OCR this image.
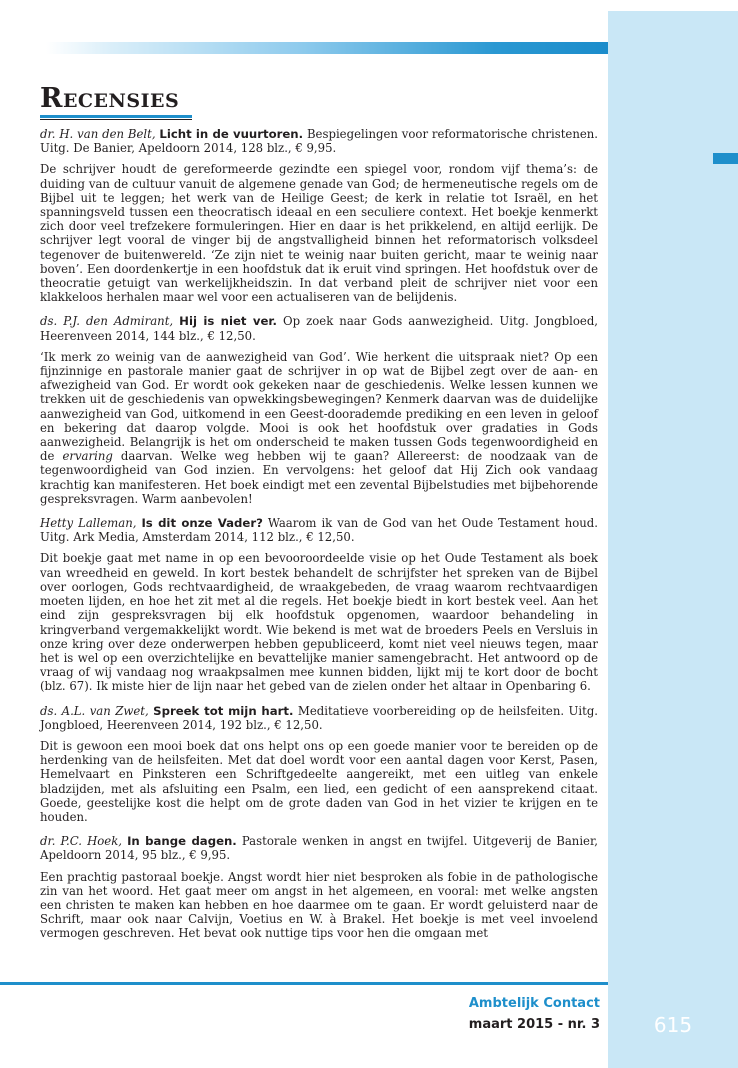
Recensies

dr. H. van den Belt, Licht in de vuurtoren. Bespiegelingen voor reformatorische christenen. Uitg. De Banier, Apeldoorn 2014, 128 blz., € 9,95.

De schrijver houdt de gereformeerde gezindte een spiegel voor, rondom vijf thema’s: de duiding van de cultuur vanuit de algemene genade van God; de hermeneutische regels om de Bijbel uit te leggen; het werk van de Heilige Geest; de kerk in relatie tot Israël, en het spanningsveld tussen een theocratisch ideaal en een seculiere context. Het boekje kenmerkt zich door veel trefzekere formuleringen. Hier en daar is het prikkelend, en altijd eerlijk. De schrijver legt vooral de vinger bij de angstvalligheid binnen het reformatorisch volksdeel tegenover de buitenwereld. ‘Ze zijn niet te weinig naar buiten gericht, maar te weinig naar boven’. Een doordenkertje in een hoofdstuk dat ik eruit vind springen. Het hoofdstuk over de theocratie getuigt van werkelijkheidszin. In dat verband pleit de schrijver niet voor een klakkeloos herhalen maar wel voor een actualiseren van de belijdenis.

ds. P.J. den Admirant, Hij is niet ver. Op zoek naar Gods aanwezigheid. Uitg. Jongbloed, Heerenveen 2014, 144 blz., € 12,50.

‘Ik merk zo weinig van de aanwezigheid van God’. Wie herkent die uitspraak niet? Op een fijnzinnige en pastorale manier gaat de schrijver in op wat de Bijbel zegt over de aan- en afwezigheid van God. Er wordt ook gekeken naar de geschiedenis. Welke lessen kunnen we trekken uit de geschiedenis van opwekkingsbewegingen? Kenmerk daarvan was de duidelijke aanwezigheid van God, uitkomend in een Geest-doorademde prediking en een leven in geloof en bekering dat daarop volgde. Mooi is ook het hoofdstuk over gradaties in Gods aanwezigheid. Belangrijk is het om onderscheid te maken tussen Gods tegenwoordigheid en de ervaring daarvan. Welke weg hebben wij te gaan? Allereerst: de noodzaak van de tegenwoordigheid van God inzien. En vervolgens: het geloof dat Hij Zich ook vandaag krachtig kan manifesteren. Het boek eindigt met een zevental Bijbelstudies met bijbehorende gespreksvragen. Warm aanbevolen!

Hetty Lalleman, Is dit onze Vader? Waarom ik van de God van het Oude Testament houd. Uitg. Ark Media, Amsterdam 2014, 112 blz., € 12,50.

Dit boekje gaat met name in op een bevooroordeelde visie op het Oude Testament als boek van wreedheid en geweld. In kort bestek behandelt de schrijfster het spreken van de Bijbel over oorlogen, Gods rechtvaardigheid, de wraakgebeden, de vraag waarom rechtvaardigen moeten lijden, en hoe het zit met al die regels. Het boekje biedt in kort bestek veel. Aan het eind zijn gespreksvragen bij elk hoofdstuk opgenomen, waardoor behandeling in kringverband vergemakkelijkt wordt. Wie bekend is met wat de broeders Peels en Versluis in onze kring over deze onderwerpen hebben gepubliceerd, komt niet veel nieuws tegen, maar het is wel op een overzichtelijke en bevattelijke manier samengebracht. Het antwoord op de vraag of wij vandaag nog wraakpsalmen mee kunnen bidden, lijkt mij te kort door de bocht (blz. 67). Ik miste hier de lijn naar het gebed van de zielen onder het altaar in Openbaring 6.

ds. A.L. van Zwet, Spreek tot mijn hart. Meditatieve voorbereiding op de heilsfeiten. Uitg. Jongbloed, Heerenveen 2014, 192 blz., € 12,50.

Dit is gewoon een mooi boek dat ons helpt ons op een goede manier voor te bereiden op de herdenking van de heilsfeiten. Met dat doel wordt voor een aantal dagen voor Kerst, Pasen, Hemelvaart en Pinksteren een Schriftgedeelte aangereikt, met een uitleg van enkele bladzijden, met als afsluiting een Psalm, een lied, een gedicht of een aansprekend citaat. Goede, geestelijke kost die helpt om de grote daden van God in het vizier te krijgen en te houden.

dr. P.C. Hoek, In bange dagen. Pastorale wenken in angst en twijfel. Uitgeverij de Banier, Apeldoorn 2014, 95 blz., € 9,95.

Een prachtig pastoraal boekje. Angst wordt hier niet besproken als fobie in de pathologische zin van het woord. Het gaat meer om angst in het algemeen, en vooral: met welke angsten een christen te maken kan hebben en hoe daarmee om te gaan. Er wordt geluisterd naar de Schrift, maar ook naar Calvijn, Voetius en W. à Brakel. Het boekje is met veel invoelend vermogen geschreven. Het bevat ook nuttige tips voor hen die omgaan met

Ambtelijk Contact
maart 2015 - nr. 3	615
